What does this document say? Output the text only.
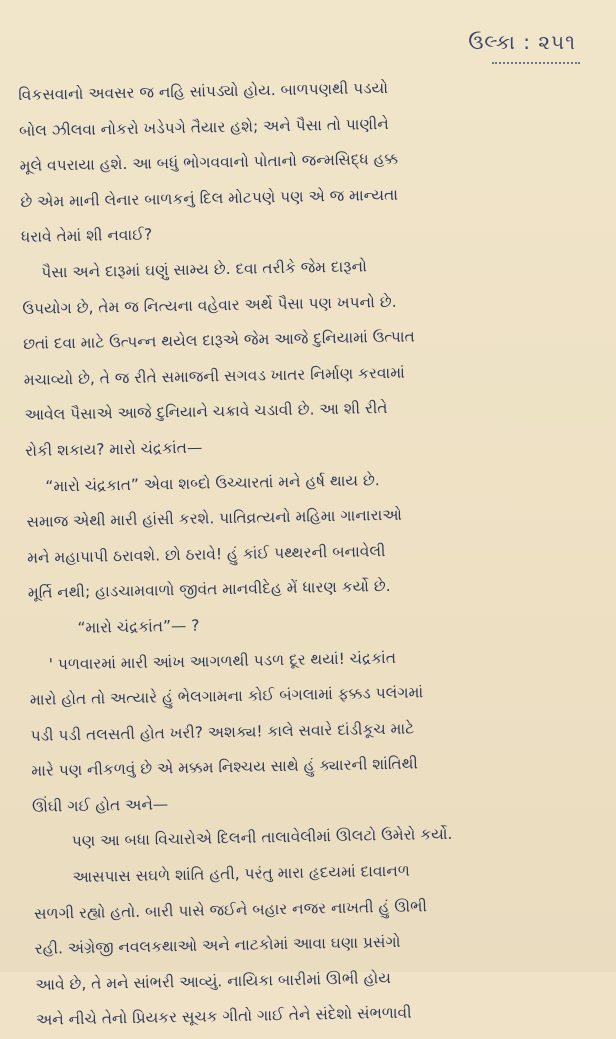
ઉલ્કા : ૨૫૧
વિકસવાનો અવસર જ નહિ સાંપડ્યો હોય. બાળપણથી પડયો
બોલ ઝીલવા નોકરો ખડેપગે તૈયાર હશે; અને પૈસા તો પાણીને
મૂલે વપરાયા હશે. આ બધું ભોગવવાનો પોતાનો જન્મસિદ્ધ હક્ક
છે એમ માની લેનાર બાળકનું દિલ મોટપણે પણ એ જ માન્યતા
ધરાવે તેમાં શી નવાઈ?
પૈસા અને દારૂમાં ઘણું સામ્ય છે. દવા તરીકે જેમ દારૂનો
ઉપયોગ છે, તેમ જ નિત્યના વહેવાર અર્થે પૈસા પણ ખપનો છે.
છતાં દવા માટે ઉત્પન્ન થયેલ દારૂએ જેમ આજે દુનિયામાં ઉત્પાત
મચાવ્યો છે, તે જ રીતે સમાજની સગવડ ખાતર નિર્માણ કરવામાં
આવેલ પૈસાએ આજે દુનિયાને ચક્રાવે ચડાવી છે. આ શી રીતે
રોકી શકાય? મારો ચંદ્રકાંત—
“મારો ચંદ્રકાત” એવા શબ્દો ઉચ્ચારતાં મને હર્ષ થાય છે.
સમાજ એથી મારી હાંસી કરશે. પાતિવ્રત્યનો મહિમા ગાનારાઓ
મને મહાપાપી ઠરાવશે. છો ઠરાવે! હું કાંઈ પથ્થરની બનાવેલી
મૂર્તિ નથી; હાડચામવાળો જીવંત માનવીદેહ મેં ધારણ કર્યો છે.
“મારો ચંદ્રકાંત”— ?
' પળવારમાં મારી આંખ આગળથી પડળ દૂર થયાં! ચંદ્રકાંત
મારો હોત તો અત્યારે હું ભેલગામના કોઈ બંગલામાં ફક્કડ પલંગમાં
પડી પડી તલસતી હોત ખરી? અશક્ય! કાલે સવારે દાંડીકૂચ માટે
મારે પણ નીકળવું છે એ મક્કમ નિશ્ચય સાથે હું ક્યારની શાંતિથી
ઊંઘી ગઈ હોત અને—
પણ આ બધા વિચારોએ દિલની તાલાવેલીમાં ઊલટો ઉમેરો કર્યો.
આસપાસ સઘળે શાંતિ હતી, પરંતુ મારા હૃદયમાં દાવાનળ
સળગી રહ્યો હતો. બારી પાસે જઈને બહાર નજર નાખતી હું ઊભી
રહી. અંગ્રેજી નવલકથાઓ અને નાટકોમાં આવા ઘણા પ્રસંગો
આવે છે, તે મને સાંભરી આવ્યું. નાયિકા બારીમાં ઊભી હોય
અને નીચે તેનો પ્રિયકર સૂચક ગીતો ગાઈ તેને સંદેશો સંભળાવી
